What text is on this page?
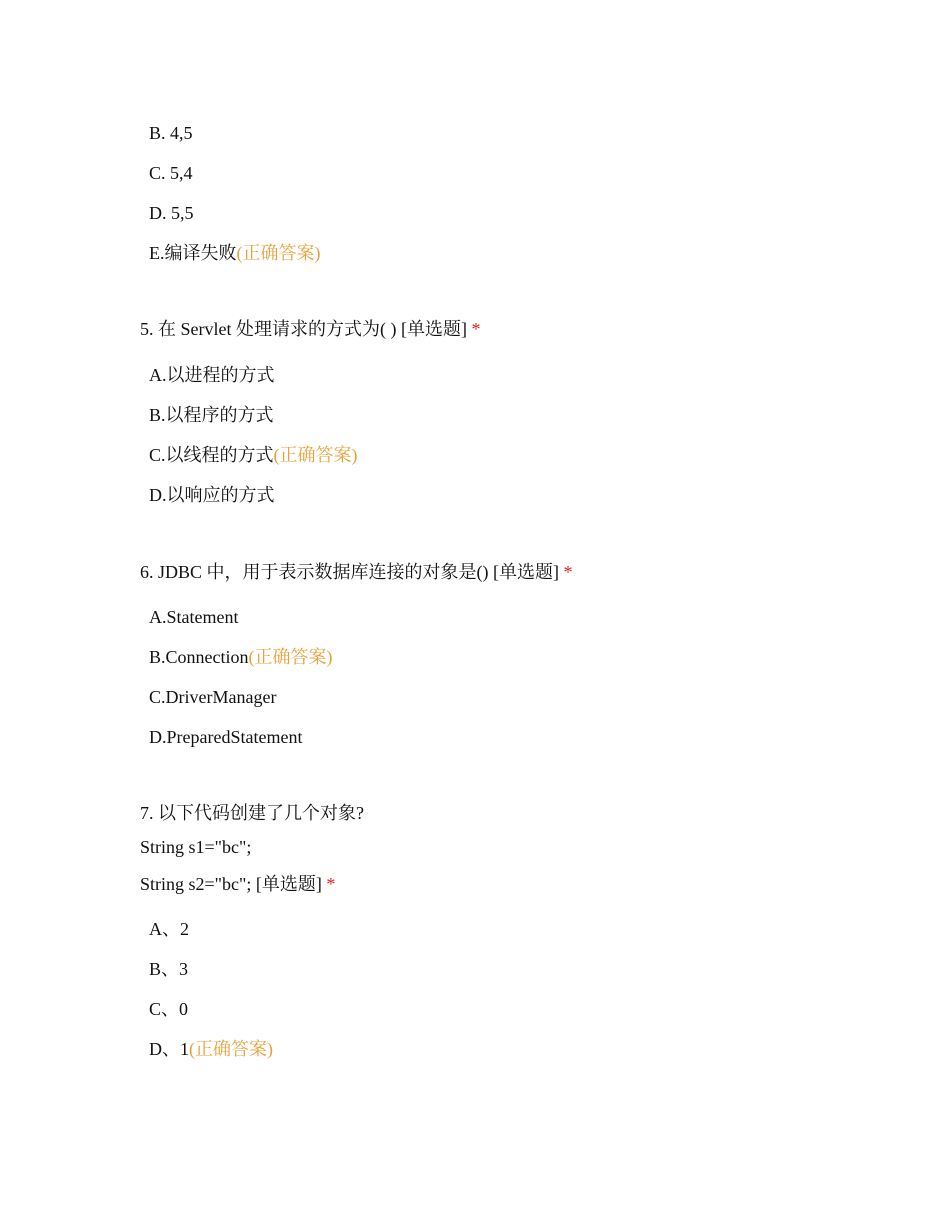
B. 4,5
C. 5,4
D. 5,5
E.编译失败(正确答案)
5. 在 Servlet 处理请求的方式为( ) [单选题] *
A.以进程的方式
B.以程序的方式
C.以线程的方式(正确答案)
D.以响应的方式
6. JDBC 中，用于表示数据库连接的对象是() [单选题] *
A.Statement
B.Connection(正确答案)
C.DriverManager
D.PreparedStatement
7. 以下代码创建了几个对象?
String s1="bc";
String s2="bc"; [单选题] *
A、2
B、3
C、0
D、1(正确答案)
